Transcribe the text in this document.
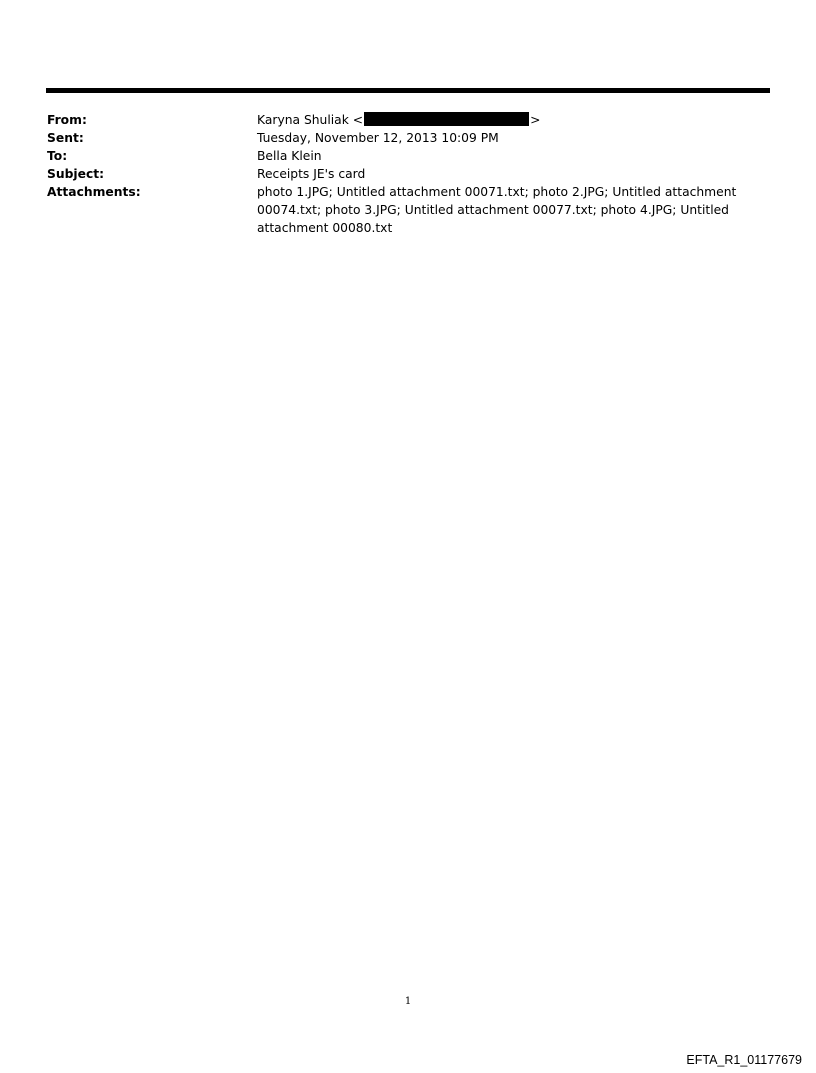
From:	Karyna Shuliak <	>
Sent:	Tuesday, November 12, 2013 10:09 PM
To:	Bella Klein
Subject:	Receipts JE's card
Attachments:	photo 1.JPG; Untitled attachment 00071.txt; photo 2.JPG; Untitled attachment 00074.txt; photo 3.JPG; Untitled attachment 00077.txt; photo 4.JPG; Untitled attachment 00080.txt
1
EFTA_R1_01177679
